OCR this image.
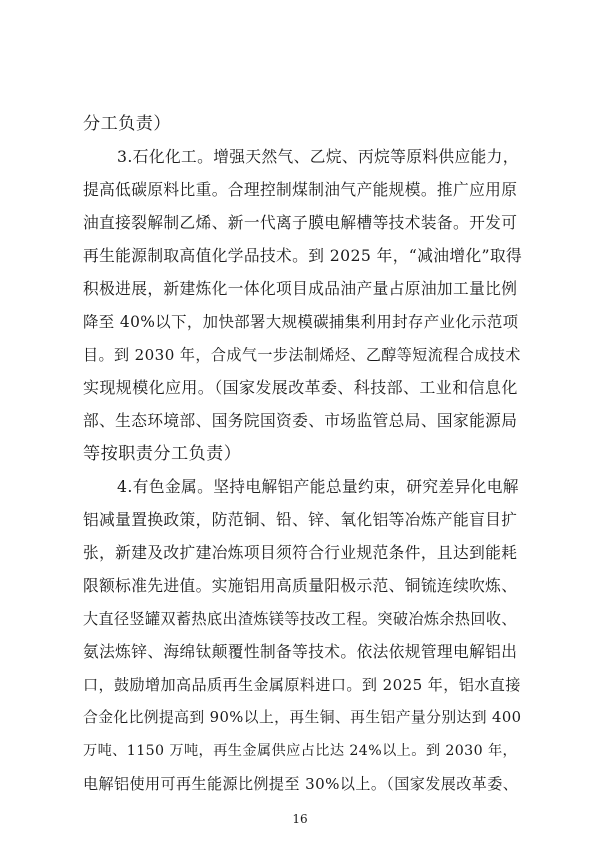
分工负责）
3.石化化工。增强天然气、乙烷、丙烷等原料供应能力，
提高低碳原料比重。合理控制煤制油气产能规模。推广应用原
油直接裂解制乙烯、新一代离子膜电解槽等技术装备。开发可
再生能源制取高值化学品技术。到 2025 年，“减油增化”取得
积极进展，新建炼化一体化项目成品油产量占原油加工量比例
降至 40%以下，加快部署大规模碳捕集利用封存产业化示范项
目。到 2030 年，合成气一步法制烯烃、乙醇等短流程合成技术
实现规模化应用。（国家发展改革委、科技部、工业和信息化
部、生态环境部、国务院国资委、市场监管总局、国家能源局
等按职责分工负责）
4.有色金属。坚持电解铝产能总量约束，研究差异化电解
铝减量置换政策，防范铜、铅、锌、氧化铝等冶炼产能盲目扩
张，新建及改扩建冶炼项目须符合行业规范条件，且达到能耗
限额标准先进值。实施铝用高质量阳极示范、铜锍连续吹炼、
大直径竖罐双蓄热底出渣炼镁等技改工程。突破冶炼余热回收、
氨法炼锌、海绵钛颠覆性制备等技术。依法依规管理电解铝出
口，鼓励增加高品质再生金属原料进口。到 2025 年，铝水直接
合金化比例提高到 90%以上，再生铜、再生铝产量分别达到 400
万吨、1150 万吨，再生金属供应占比达 24%以上。到 2030 年，
电解铝使用可再生能源比例提至 30%以上。（国家发展改革委、
16
